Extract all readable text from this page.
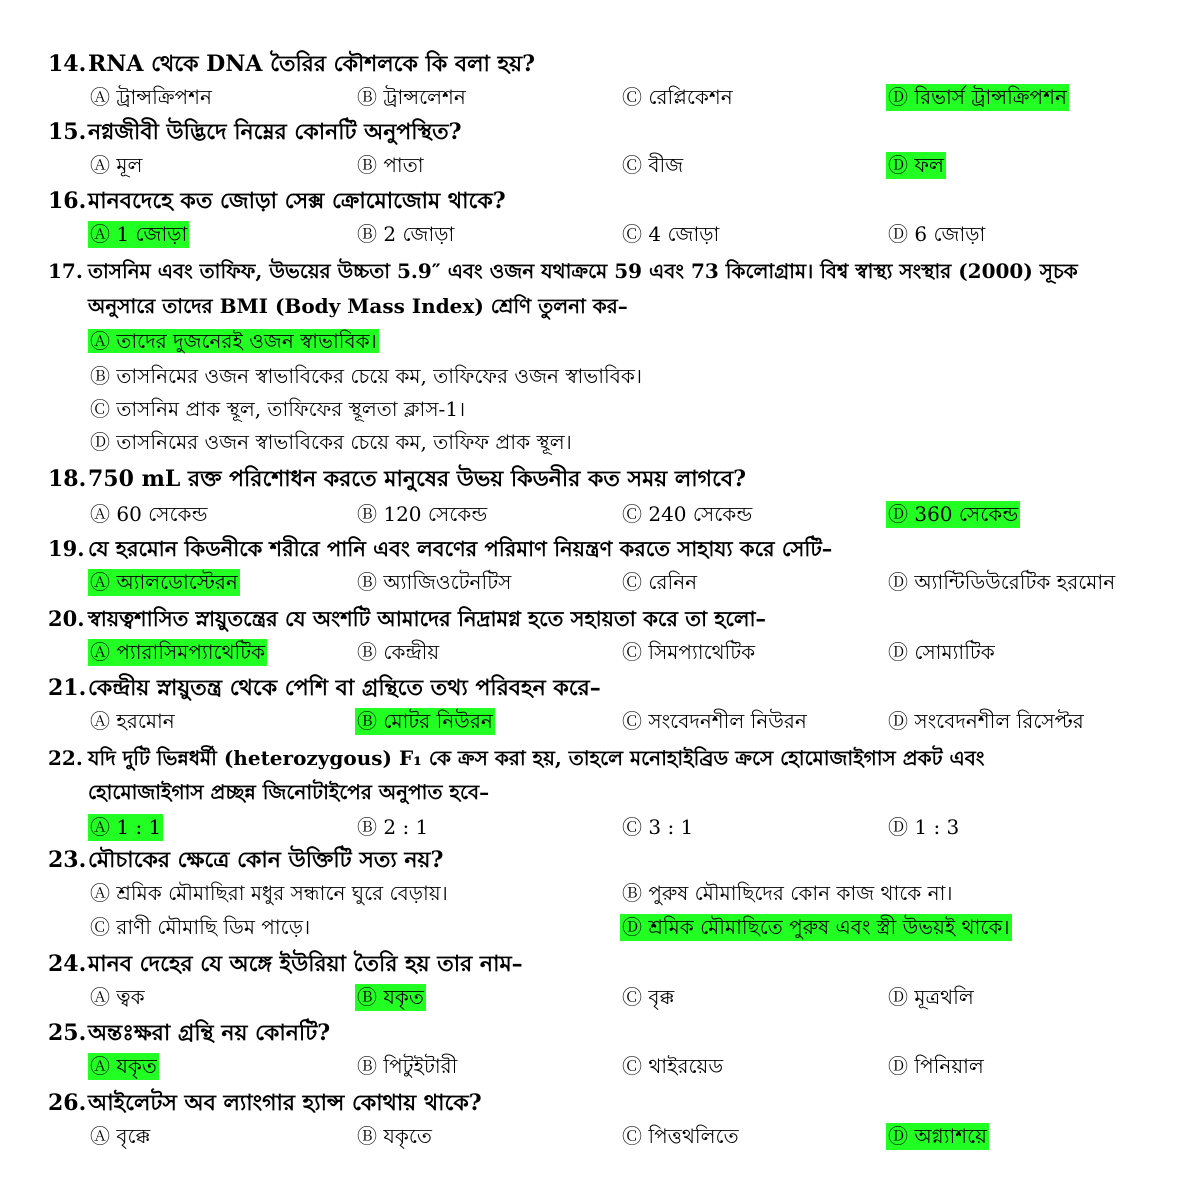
14.RNA থেকে DNA তৈরির কৌশলকে কি বলা হয়?
Ⓐ ট্রান্সক্রিপশন	Ⓑ ট্রান্সলেশন	Ⓒ রেপ্লিকেশন	Ⓓ রিভার্স ট্রান্সক্রিপশন
15.নগ্নজীবী উদ্ভিদে নিম্নের কোনটি অনুপস্থিত?
Ⓐ মূল	Ⓑ পাতা	Ⓒ বীজ	Ⓓ ফল
16.মানবদেহে কত জোড়া সেক্স ক্রোমোজোম থাকে?
Ⓐ 1 জোড়া	Ⓑ 2 জোড়া	Ⓒ 4 জোড়া	Ⓓ 6 জোড়া
17. তাসনিম এবং তাফিফ, উভয়ের উচ্চতা 5.9″ এবং ওজন যথাক্রমে 59 এবং 73 কিলোগ্রাম। বিশ্ব স্বাস্থ্য সংস্থার (2000) সূচক
অনুসারে তাদের BMI (Body Mass Index) শ্রেণি তুলনা কর–
Ⓐ তাদের দুজনেরই ওজন স্বাভাবিক।
Ⓑ তাসনিমের ওজন স্বাভাবিকের চেয়ে কম, তাফিফের ওজন স্বাভাবিক।
Ⓒ তাসনিম প্রাক স্থূল, তাফিফের স্থূলতা ক্লাস-1।
Ⓓ তাসনিমের ওজন স্বাভাবিকের চেয়ে কম, তাফিফ প্রাক স্থূল।
18.750 mL রক্ত পরিশোধন করতে মানুষের উভয় কিডনীর কত সময় লাগবে?
Ⓐ 60 সেকেন্ড	Ⓑ 120 সেকেন্ড	Ⓒ 240 সেকেন্ড	Ⓓ 360 সেকেন্ড
19. যে হরমোন কিডনীকে শরীরে পানি এবং লবণের পরিমাণ নিয়ন্ত্রণ করতে সাহায্য করে সেটি–
Ⓐ অ্যালডোস্টেরন	Ⓑ অ্যাজিওটেনটিস	Ⓒ রেনিন	Ⓓ অ্যান্টিডিউরেটিক হরমোন
20. স্বায়ত্বশাসিত স্নায়ুতন্ত্রের যে অংশটি আমাদের নিদ্রামগ্ন হতে সহায়তা করে তা হলো–
Ⓐ প্যারাসিমপ্যাথেটিক	Ⓑ কেন্দ্রীয়	Ⓒ সিমপ্যাথেটিক	Ⓓ সোম্যাটিক
21.কেন্দ্রীয় স্নায়ুতন্ত্র থেকে পেশি বা গ্রন্থিতে তথ্য পরিবহন করে–
Ⓐ হরমোন	Ⓑ মোটর নিউরন	Ⓒ সংবেদনশীল নিউরন	Ⓓ সংবেদনশীল রিসেপ্টর
22. যদি দুটি ভিন্নধর্মী (heterozygous) F₁ কে ক্রস করা হয়, তাহলে মনোহাইব্রিড ক্রসে হোমোজাইগাস প্রকট এবং
হোমোজাইগাস প্রচ্ছন্ন জিনোটাইপের অনুপাত হবে–
Ⓐ 1 : 1	Ⓑ 2 : 1	Ⓒ 3 : 1	Ⓓ 1 : 3
23.মৌচাকের ক্ষেত্রে কোন উক্তিটি সত্য নয়?
Ⓐ শ্রমিক মৌমাছিরা মধুর সন্ধানে ঘুরে বেড়ায়।	Ⓑ পুরুষ মৌমাছিদের কোন কাজ থাকে না।
Ⓒ রাণী মৌমাছি ডিম পাড়ে।	Ⓓ শ্রমিক মৌমাছিতে পুরুষ এবং স্ত্রী উভয়ই থাকে।
24.মানব দেহের যে অঙ্গে ইউরিয়া তৈরি হয় তার নাম–
Ⓐ ত্বক	Ⓑ যকৃত	Ⓒ বৃক্ক	Ⓓ মূত্রথলি
25.অন্তঃক্ষরা গ্রন্থি নয় কোনটি?
Ⓐ যকৃত	Ⓑ পিটুইটারী	Ⓒ থাইরয়েড	Ⓓ পিনিয়াল
26.আইলেটস অব ল্যাংগার হ্যান্স কোথায় থাকে?
Ⓐ বৃক্কে	Ⓑ যকৃতে	Ⓒ পিত্তথলিতে	Ⓓ অগ্ন্যাশয়ে
